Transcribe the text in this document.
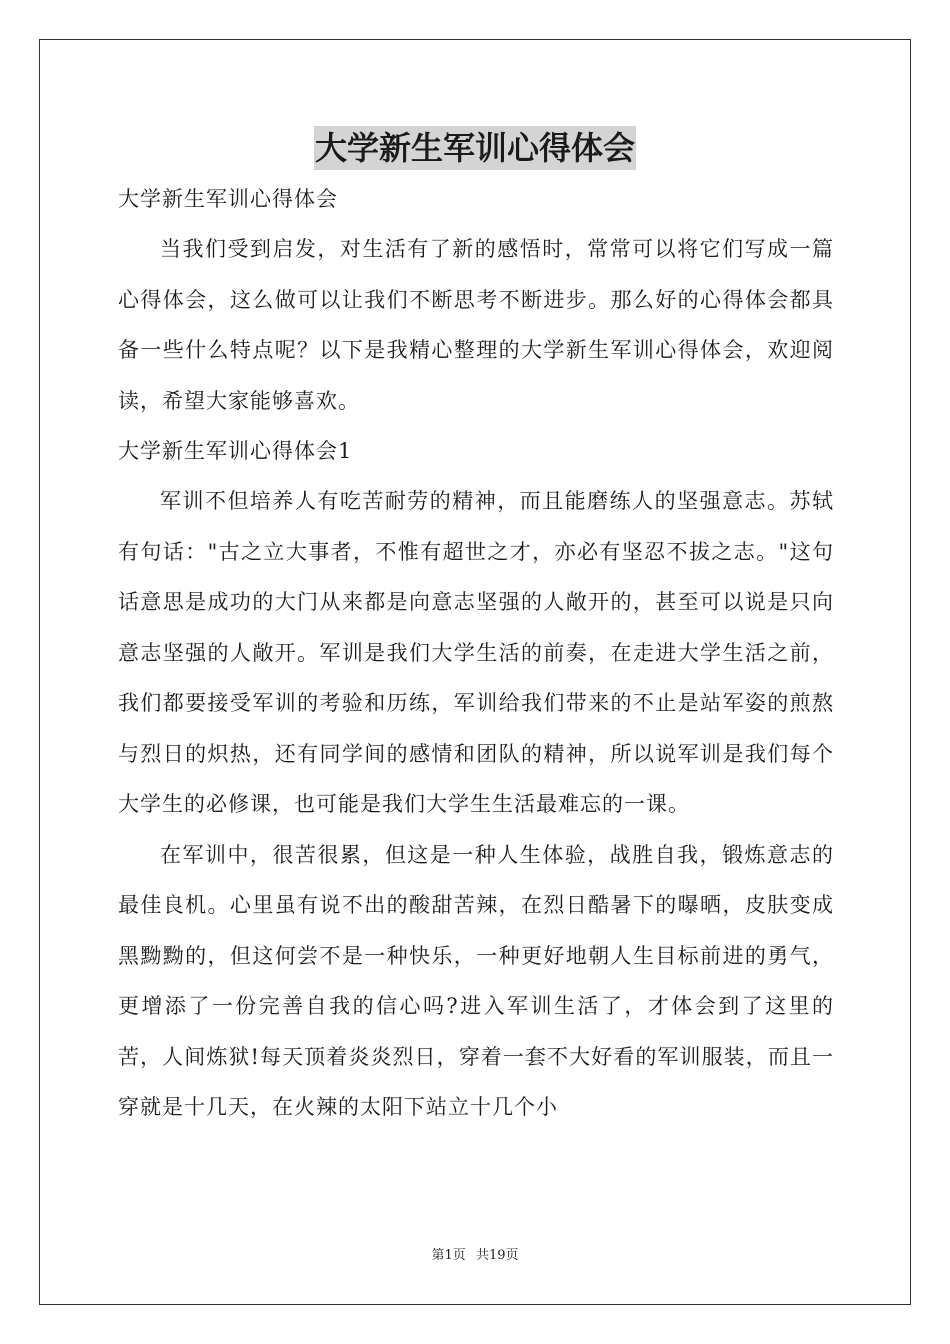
大学新生军训心得体会

大学新生军训心得体会

当我们受到启发，对生活有了新的感悟时，常常可以将它们写成一篇心得体会，这么做可以让我们不断思考不断进步。那么好的心得体会都具备一些什么特点呢？以下是我精心整理的大学新生军训心得体会，欢迎阅读，希望大家能够喜欢。

大学新生军训心得体会1

军训不但培养人有吃苦耐劳的精神，而且能磨练人的坚强意志。苏轼有句话："古之立大事者，不惟有超世之才，亦必有坚忍不拔之志。"这句话意思是成功的大门从来都是向意志坚强的人敞开的，甚至可以说是只向意志坚强的人敞开。军训是我们大学生活的前奏，在走进大学生活之前，我们都要接受军训的考验和历练，军训给我们带来的不止是站军姿的煎熬与烈日的炽热，还有同学间的感情和团队的精神，所以说军训是我们每个大学生的必修课，也可能是我们大学生生活最难忘的一课。

在军训中，很苦很累，但这是一种人生体验，战胜自我，锻炼意志的最佳良机。心里虽有说不出的酸甜苦辣，在烈日酷暑下的曝晒，皮肤变成黑黝黝的，但这何尝不是一种快乐，一种更好地朝人生目标前进的勇气，更增添了一份完善自我的信心吗?进入军训生活了，才体会到了这里的苦，人间炼狱!每天顶着炎炎烈日，穿着一套不大好看的军训服装，而且一穿就是十几天，在火辣的太阳下站立十几个小

第1页 共19页
